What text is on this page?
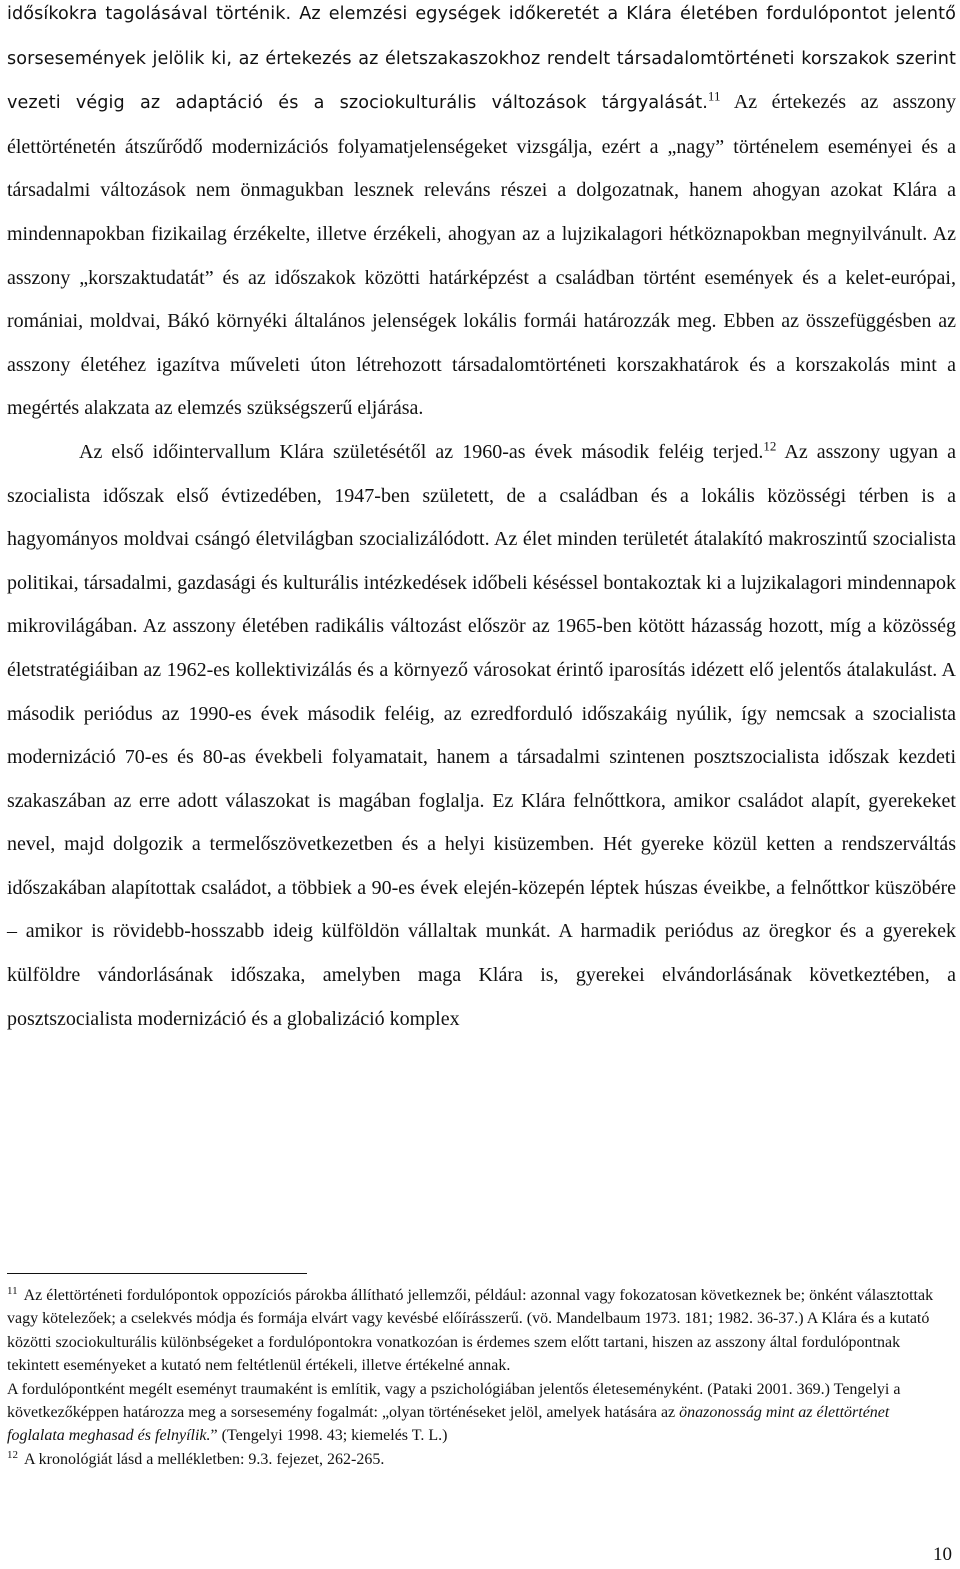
idősíkokra tagolásával történik. Az elemzési egységek időkeretét a Klára életében fordulópontot jelentő sorsesemények jelölik ki, az értekezés az életszakaszokhoz rendelt társadalomtörténeti korszakok szerint vezeti végig az adaptáció és a szociokulturális változások tárgyalását.$^{11}$ Az értekezés az asszony élettörténetén átszűrődő modernizációs folyamatjelenségeket vizsgálja, ezért a „nagy” történelem eseményei és a társadalmi változások nem önmagukban lesznek releváns részei a dolgozatnak, hanem ahogyan azokat Klára a mindennapokban fizikailag érzékelte, illetve érzékeli, ahogyan az a lujzikalagori hétköznapokban megnyilvánult. Az asszony „korszaktudatát” és az időszakok közötti határképzést a családban történt események és a kelet-európai, romániai, moldvai, Bákó környéki általános jelenségek lokális formái határozzák meg. Ebben az összefüggésben az asszony életéhez igazítva műveleti úton létrehozott társadalomtörténeti korszakhatárok és a korszakolás mint a megértés alakzata az elemzés szükségszerű eljárása.

Az első időintervallum Klára születésétől az 1960-as évek második feléig terjed.$^{12}$ Az asszony ugyan a szocialista időszak első évtizedében, 1947-ben született, de a családban és a lokális közösségi térben is a hagyományos moldvai csángó életvilágban szocializálódott. Az élet minden területét átalakító makroszintű szocialista politikai, társadalmi, gazdasági és kulturális intézkedések időbeli késéssel bontakoztak ki a lujzikalagori mindennapok mikrovilágában. Az asszony életében radikális változást először az 1965-ben kötött házasság hozott, míg a közösség életstratégiáiban az 1962-es kollektivizálás és a környező városokat érintő iparosítás idézett elő jelentős átalakulást. A második periódus az 1990-es évek második feléig, az ezredforduló időszakáig nyúlik, így nemcsak a szocialista modernizáció 70-es és 80-as évekbeli folyamatait, hanem a társadalmi szintenen posztszocialista időszak kezdeti szakaszában az erre adott válaszokat is magában foglalja. Ez Klára felnőttkora, amikor családot alapít, gyerekeket nevel, majd dolgozik a termelőszövetkezetben és a helyi kisüzemben. Hét gyereke közül ketten a rendszerváltás időszakában alapítottak családot, a többiek a 90-es évek elején-közepén léptek húszas éveikbe, a felnőttkor küszöbére – amikor is rövidebb-hosszabb ideig külföldön vállaltak munkát. A harmadik periódus az öregkor és a gyerekek külföldre vándorlásának időszaka, amelyben maga Klára is, gyerekei elvándorlásának következtében, a posztszocialista modernizáció és a globalizáció komplex

$^{11}$ Az élettörténeti fordulópontok oppozíciós párokba állítható jellemzői, például: azonnal vagy fokozatosan következnek be; önként választottak vagy kötelezőek; a cselekvés módja és formája elvárt vagy kevésbé előírásszerű. (vö. Mandelbaum 1973. 181; 1982. 36-37.) A Klára és a kutató közötti szociokulturális különbségeket a fordulópontokra vonatkozóan is érdemes szem előtt tartani, hiszen az asszony által fordulópontnak tekintett eseményeket a kutató nem feltétlenül értékeli, illetve értékelné annak.

A fordulópontként megélt eseményt traumaként is említik, vagy a pszichológiában jelentős életeseményként. (Pataki 2001. 369.) Tengelyi a következőképpen határozza meg a sorsesemény fogalmát: „olyan történéseket jelöl, amelyek hatására az önazonosság mint az élettörténet foglalata meghasad és felnyílik.” (Tengelyi 1998. 43; kiemelés T. L.)

$^{12}$ A kronológiát lásd a mellékletben: 9.3. fejezet, 262-265.

10
